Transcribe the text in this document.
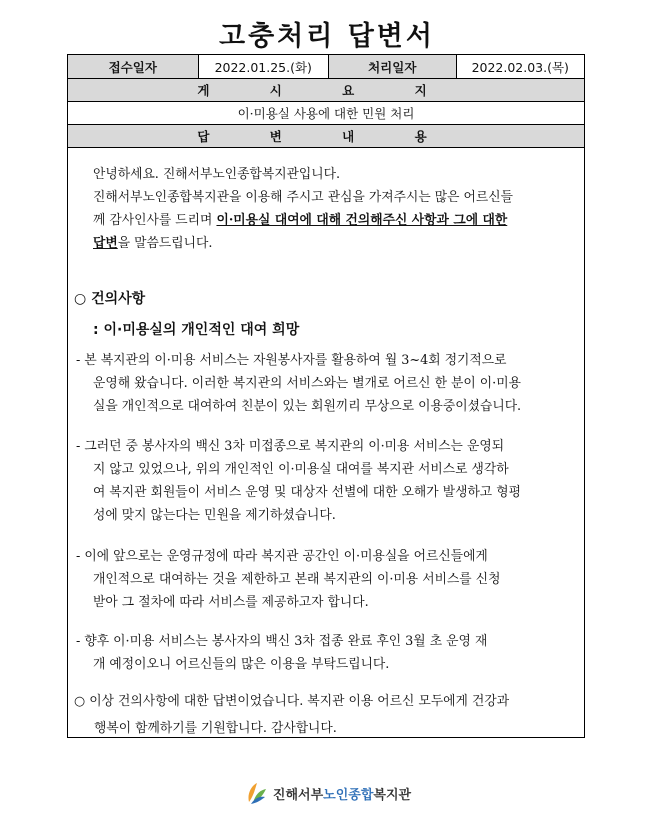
고충처리 답변서
접수일자	2022.01.25.(화)	처리일자	2022.02.03.(목)
게 시 요 지
이·미용실 사용에 대한 민원 처리
답 변 내 용
안녕하세요. 진해서부노인종합복지관입니다.
진해서부노인종합복지관을 이용해 주시고 관심을 가져주시는 많은 어르신들
께 감사인사를 드리며 이·미용실 대여에 대해 건의해주신 사항과 그에 대한
답변을 말씀드립니다.
○ 건의사항
: 이·미용실의 개인적인 대여 희망
- 본 복지관의 이·미용 서비스는 자원봉사자를 활용하여 월 3~4회 정기적으로
운영해 왔습니다. 이러한 복지관의 서비스와는 별개로 어르신 한 분이 이·미용
실을 개인적으로 대여하여 친분이 있는 회원끼리 무상으로 이용중이셨습니다.
- 그러던 중 봉사자의 백신 3차 미접종으로 복지관의 이·미용 서비스는 운영되
지 않고 있었으나, 위의 개인적인 이·미용실 대여를 복지관 서비스로 생각하
여 복지관 회원들이 서비스 운영 및 대상자 선별에 대한 오해가 발생하고 형평
성에 맞지 않는다는 민원을 제기하셨습니다.
- 이에 앞으로는 운영규정에 따라 복지관 공간인 이·미용실을 어르신들에게
개인적으로 대여하는 것을 제한하고 본래 복지관의 이·미용 서비스를 신청
받아 그 절차에 따라 서비스를 제공하고자 합니다.
- 향후 이·미용 서비스는 봉사자의 백신 3차 접종 완료 후인 3월 초 운영 재
개 예정이오니 어르신들의 많은 이용을 부탁드립니다.
○ 이상 건의사항에 대한 답변이었습니다. 복지관 이용 어르신 모두에게 건강과
행복이 함께하기를 기원합니다. 감사합니다.
진해서부 노인종합 복지관
